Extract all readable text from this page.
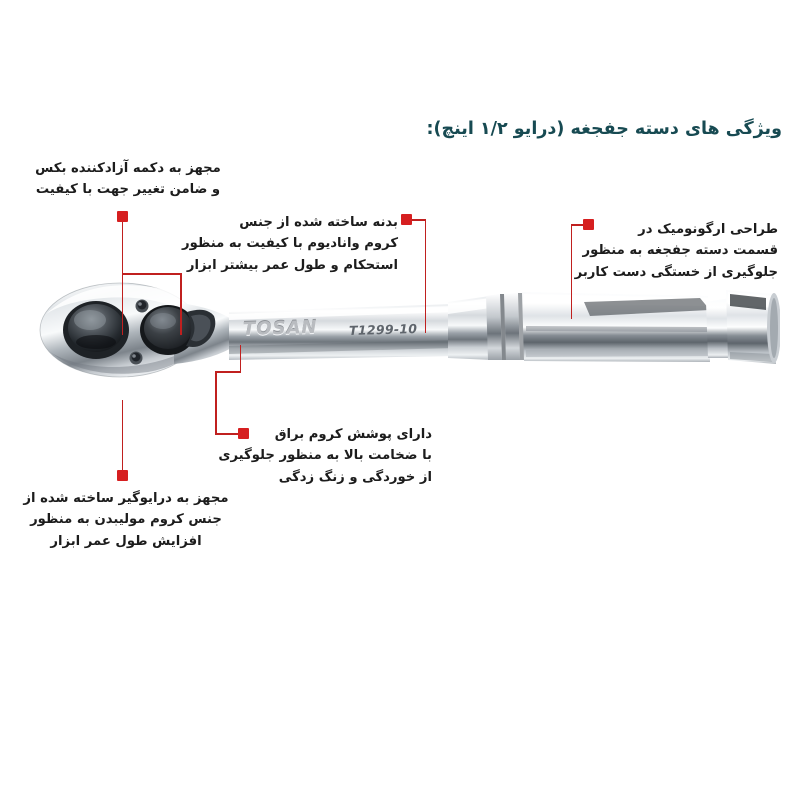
ویژگی های دسته جفجغه (درایو ۱/۲ اینچ):
TOSAN T1299-10
مجهز به دکمه آزادکننده بکس
و ضامن تغییر جهت با کیفیت
بدنه ساخته شده از جنس
کروم وانادیوم با کیفیت به منظور
استحکام و طول عمر بیشتر ابزار
طراحی ارگونومیک در
قسمت دسته جفجغه به منظور
جلوگیری از خستگی دست کاربر
دارای پوشش کروم براق
با ضخامت بالا به منظور جلوگیری
از خوردگی و زنگ زدگی
مجهز به درایوگیر ساخته شده از
جنس کروم مولیبدن به منظور
افزایش طول عمر ابزار
